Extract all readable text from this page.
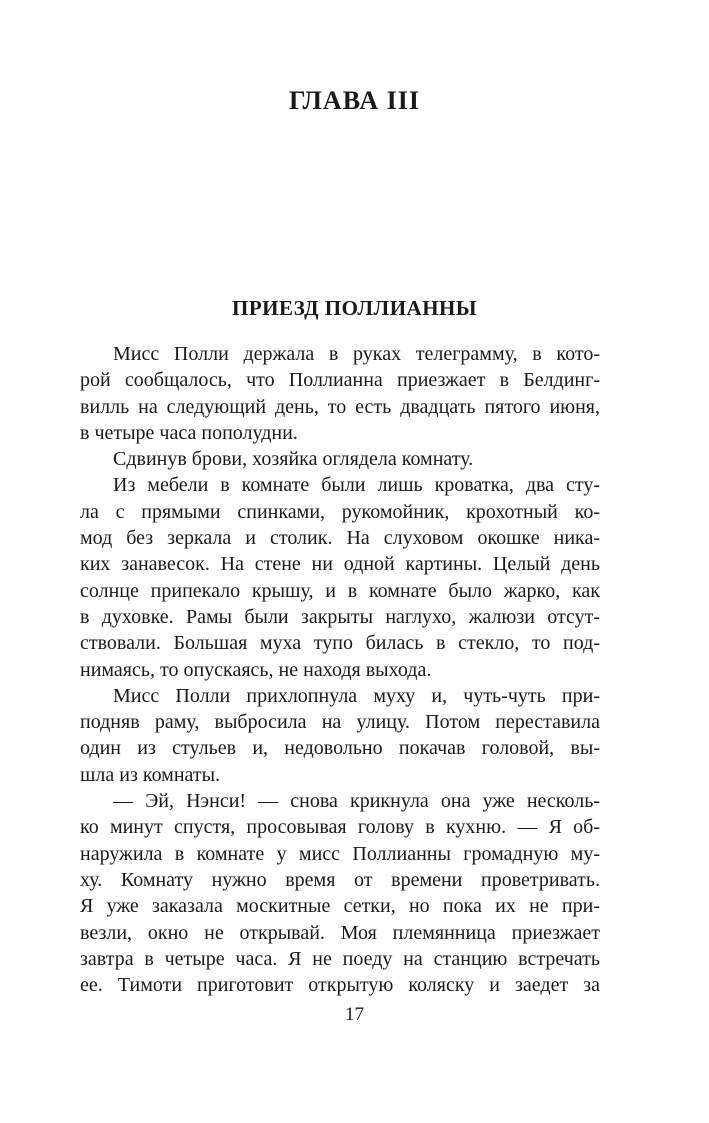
ГЛАВА III
ПРИЕЗД ПОЛЛИАННЫ
Мисс Полли держала в руках телеграмму, в кото-
рой сообщалось, что Поллианна приезжает в Белдинг-
вилль на следующий день, то есть двадцать пятого июня,
в четыре часа пополудни.
Сдвинув брови, хозяйка оглядела комнату.
Из мебели в комнате были лишь кроватка, два сту-
ла с прямыми спинками, рукомойник, крохотный ко-
мод без зеркала и столик. На слуховом окошке ника-
ких занавесок. На стене ни одной картины. Целый день
солнце припекало крышу, и в комнате было жарко, как
в духовке. Рамы были закрыты наглухо, жалюзи отсут-
ствовали. Большая муха тупо билась в стекло, то под-
нимаясь, то опускаясь, не находя выхода.
Мисс Полли прихлопнула муху и, чуть-чуть при-
подняв раму, выбросила на улицу. Потом переставила
один из стульев и, недовольно покачав головой, вы-
шла из комнаты.
— Эй, Нэнси! — снова крикнула она уже несколь-
ко минут спустя, просовывая голову в кухню. — Я об-
наружила в комнате у мисс Поллианны громадную му-
ху. Комнату нужно время от времени проветривать.
Я уже заказала москитные сетки, но пока их не при-
везли, окно не открывай. Моя племянница приезжает
завтра в четыре часа. Я не поеду на станцию встречать
ее. Тимоти приготовит открытую коляску и заедет за
17
